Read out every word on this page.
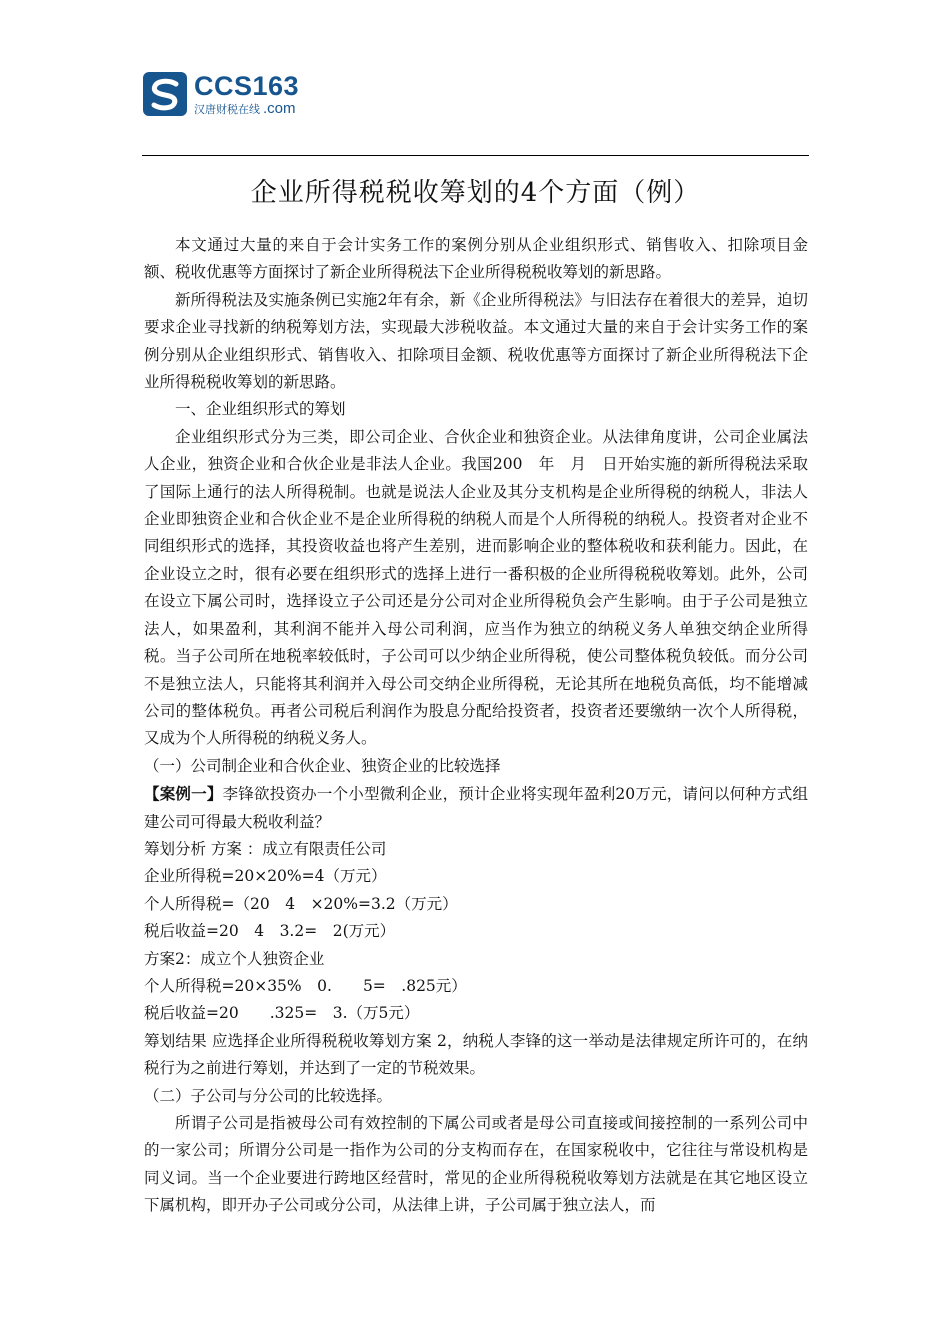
CCS163
汉唐财税在线 .com
企业所得税税收筹划的4个方面（例）

本文通过大量的来自于会计实务工作的案例分别从企业组织形式、销售收入、扣除项目金额、税收优惠等方面探讨了新企业所得税法下企业所得税税收筹划的新思路。

新所得税法及实施条例已实施2年有余，新《企业所得税法》与旧法存在着很大的差异，迫切要求企业寻找新的纳税筹划方法，实现最大涉税收益。本文通过大量的来自于会计实务工作的案例分别从企业组织形式、销售收入、扣除项目金额、税收优惠等方面探讨了新企业所得税法下企业所得税税收筹划的新思路。

一、企业组织形式的筹划

企业组织形式分为三类，即公司企业、合伙企业和独资企业。从法律角度讲，公司企业属法人企业，独资企业和合伙企业是非法人企业。我国200　年　月　日开始实施的新所得税法采取了国际上通行的法人所得税制。也就是说法人企业及其分支机构是企业所得税的纳税人，非法人企业即独资企业和合伙企业不是企业所得税的纳税人而是个人所得税的纳税人。投资者对企业不同组织形式的选择，其投资收益也将产生差别，进而影响企业的整体税收和获利能力。因此，在企业设立之时，很有必要在组织形式的选择上进行一番积极的企业所得税税收筹划。此外，公司在设立下属公司时，选择设立子公司还是分公司对企业所得税负会产生影响。由于子公司是独立法人，如果盈利，其利润不能并入母公司利润，应当作为独立的纳税义务人单独交纳企业所得税。当子公司所在地税率较低时，子公司可以少纳企业所得税，使公司整体税负较低。而分公司不是独立法人，只能将其利润并入母公司交纳企业所得税，无论其所在地税负高低，均不能增减公司的整体税负。再者公司税后利润作为股息分配给投资者，投资者还要缴纳一次个人所得税，又成为个人所得税的纳税义务人。

（一）公司制企业和合伙企业、独资企业的比较选择

【案例一】李锋欲投资办一个小型微利企业，预计企业将实现年盈利20万元，请问以何种方式组建公司可得最大税收利益？

筹划分析 方案 ：成立有限责任公司

企业所得税=20×20%=4（万元）

个人所得税=（20　4　×20%=3.2（万元）

税后收益=20　4　3.2=　2(万元）

方案2：成立个人独资企业

个人所得税=20×35%　0.　　5=　.825元）

税后收益=20　　.325=　3.（万5元）

筹划结果 应选择企业所得税税收筹划方案 2，纳税人李锋的这一举动是法律规定所许可的，在纳税行为之前进行筹划，并达到了一定的节税效果。

（二）子公司与分公司的比较选择。

所谓子公司是指被母公司有效控制的下属公司或者是母公司直接或间接控制的一系列公司中的一家公司；所谓分公司是一指作为公司的分支构而存在，在国家税收中，它往往与常设机构是同义词。当一个企业要进行跨地区经营时，常见的企业所得税税收筹划方法就是在其它地区设立下属机构，即开办子公司或分公司，从法律上讲，子公司属于独立法人，而
